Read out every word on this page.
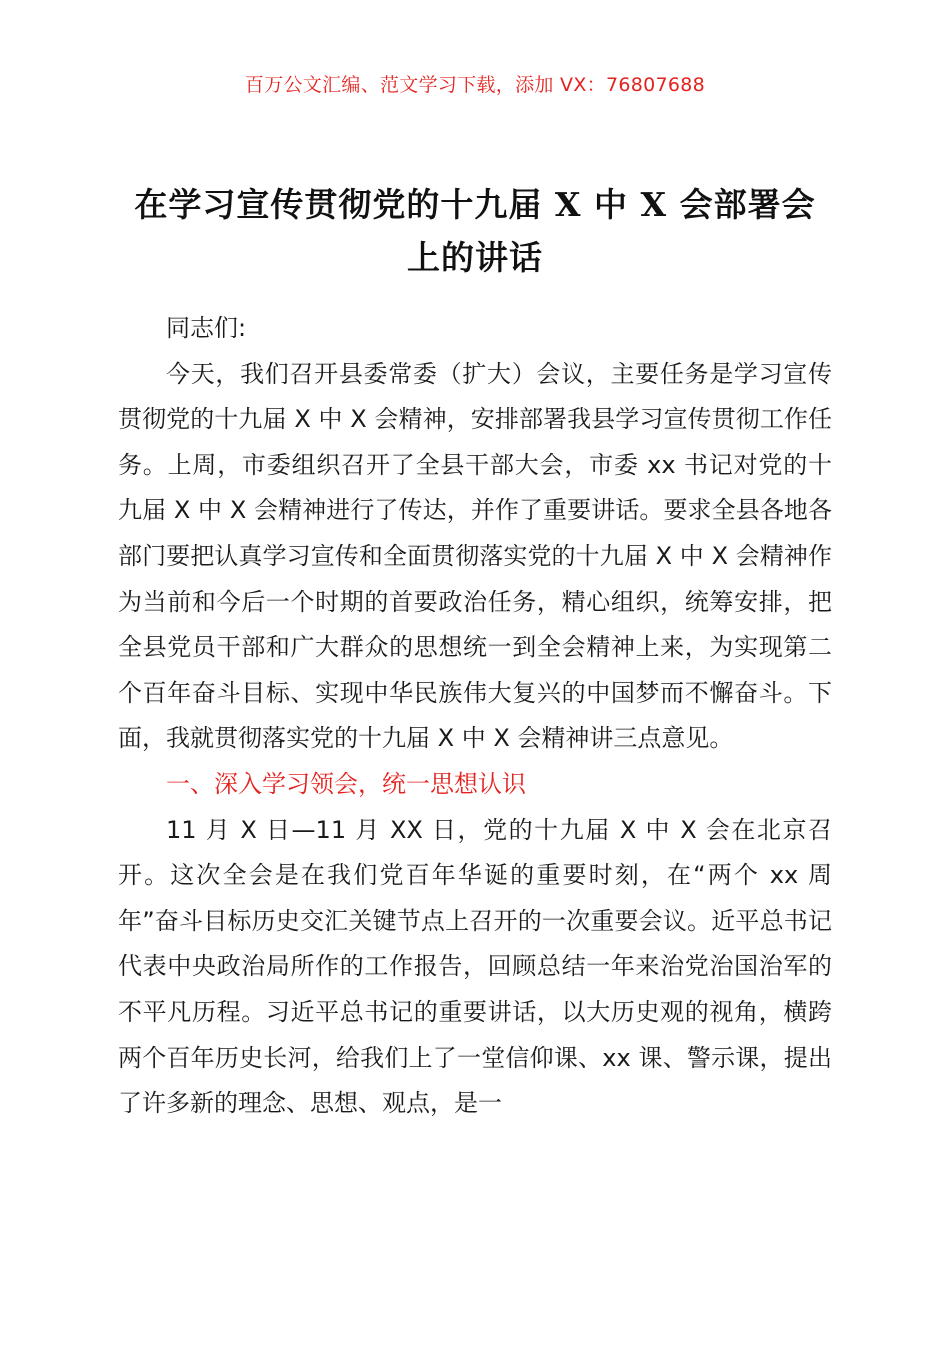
百万公文汇编、范文学习下载，添加 VX：76807688
在学习宣传贯彻党的十九届 X 中 X 会部署会上的讲话

同志们:

今天，我们召开县委常委（扩大）会议，主要任务是学习宣传贯彻党的十九届 X 中 X 会精神，安排部署我县学习宣传贯彻工作任务。上周，市委组织召开了全县干部大会，市委 xx 书记对党的十九届 X 中 X 会精神进行了传达，并作了重要讲话。要求全县各地各部门要把认真学习宣传和全面贯彻落实党的十九届 X 中 X 会精神作为当前和今后一个时期的首要政治任务，精心组织，统筹安排，把全县党员干部和广大群众的思想统一到全会精神上来，为实现第二个百年奋斗目标、实现中华民族伟大复兴的中国梦而不懈奋斗。下面，我就贯彻落实党的十九届 X 中 X 会精神讲三点意见。

一、深入学习领会，统一思想认识

11 月 X 日—11 月 XX 日，党的十九届 X 中 X 会在北京召开。这次全会是在我们党百年华诞的重要时刻，在“两个 xx 周年”奋斗目标历史交汇关键节点上召开的一次重要会议。近平总书记代表中央政治局所作的工作报告，回顾总结一年来治党治国治军的不平凡历程。习近平总书记的重要讲话，以大历史观的视角，横跨两个百年历史长河，给我们上了一堂信仰课、xx 课、警示课，提出了许多新的理念、思想、观点，是一
